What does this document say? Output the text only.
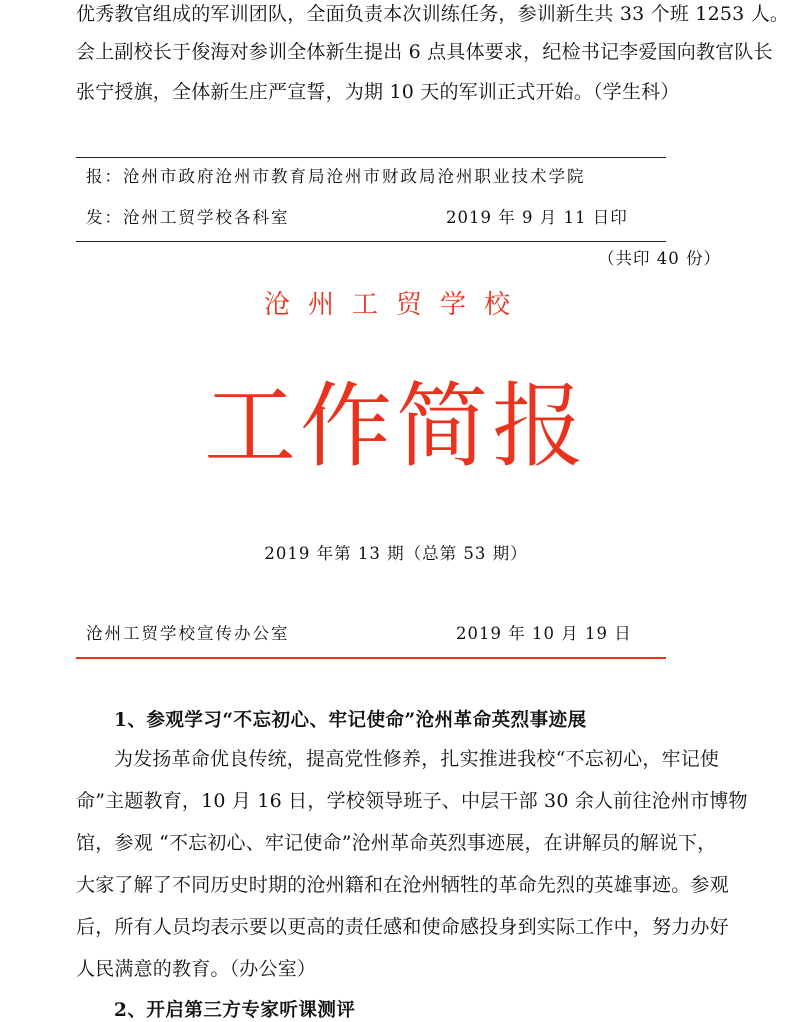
优秀教官组成的军训团队，全面负责本次训练任务，参训新生共 33 个班 1253 人。
会上副校长于俊海对参训全体新生提出 6 点具体要求，纪检书记李爱国向教官队长
张宁授旗，全体新生庄严宣誓，为期 10 天的军训正式开始。（学生科）
报：沧州市政府沧州市教育局沧州市财政局沧州职业技术学院
发：沧州工贸学校各科室	2019 年 9 月 11 日印
（共印 40 份）
沧州工贸学校
工作简报
2019 年第 13 期（总第 53 期）
沧州工贸学校宣传办公室	2019 年 10 月 19 日
1、参观学习“不忘初心、牢记使命”沧州革命英烈事迹展
为发扬革命优良传统，提高党性修养，扎实推进我校“不忘初心，牢记使
命”主题教育，10 月 16 日，学校领导班子、中层干部 30 余人前往沧州市博物
馆，参观 “不忘初心、牢记使命”沧州革命英烈事迹展，在讲解员的解说下，
大家了解了不同历史时期的沧州籍和在沧州牺牲的革命先烈的英雄事迹。参观
后，所有人员均表示要以更高的责任感和使命感投身到实际工作中，努力办好
人民满意的教育。（办公室）
2、开启第三方专家听课测评
